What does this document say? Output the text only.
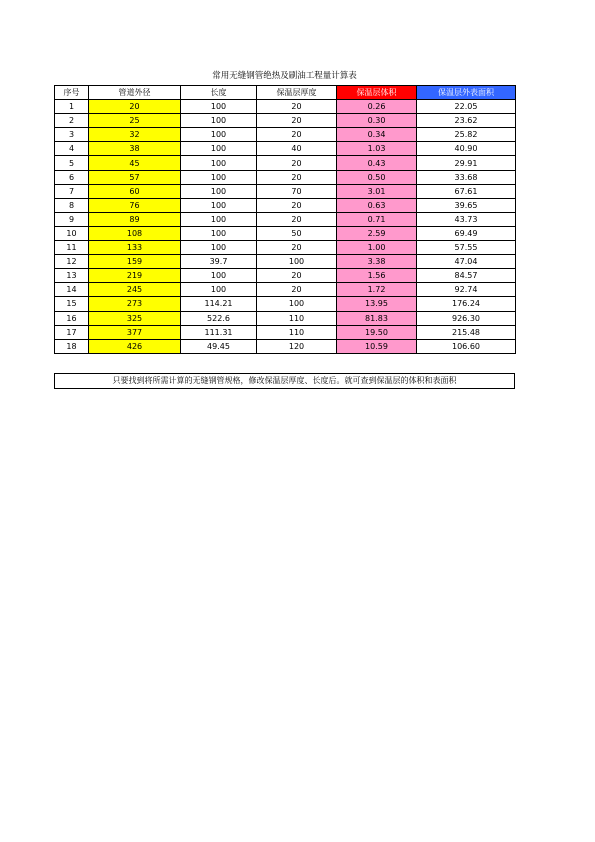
常用无缝钢管绝热及刷油工程量计算表
序号	管道外径	长度	保温层厚度	保温层体积	保温层外表面积
1	20	100	20	0.26	22.05
2	25	100	20	0.30	23.62
3	32	100	20	0.34	25.82
4	38	100	40	1.03	40.90
5	45	100	20	0.43	29.91
6	57	100	20	0.50	33.68
7	60	100	70	3.01	67.61
8	76	100	20	0.63	39.65
9	89	100	20	0.71	43.73
10	108	100	50	2.59	69.49
11	133	100	20	1.00	57.55
12	159	39.7	100	3.38	47.04
13	219	100	20	1.56	84.57
14	245	100	20	1.72	92.74
15	273	114.21	100	13.95	176.24
16	325	522.6	110	81.83	926.30
17	377	111.31	110	19.50	215.48
18	426	49.45	120	10.59	106.60
只要找到将所需计算的无缝钢管规格，修改保温层厚度、长度后。就可查到保温层的体积和表面积
